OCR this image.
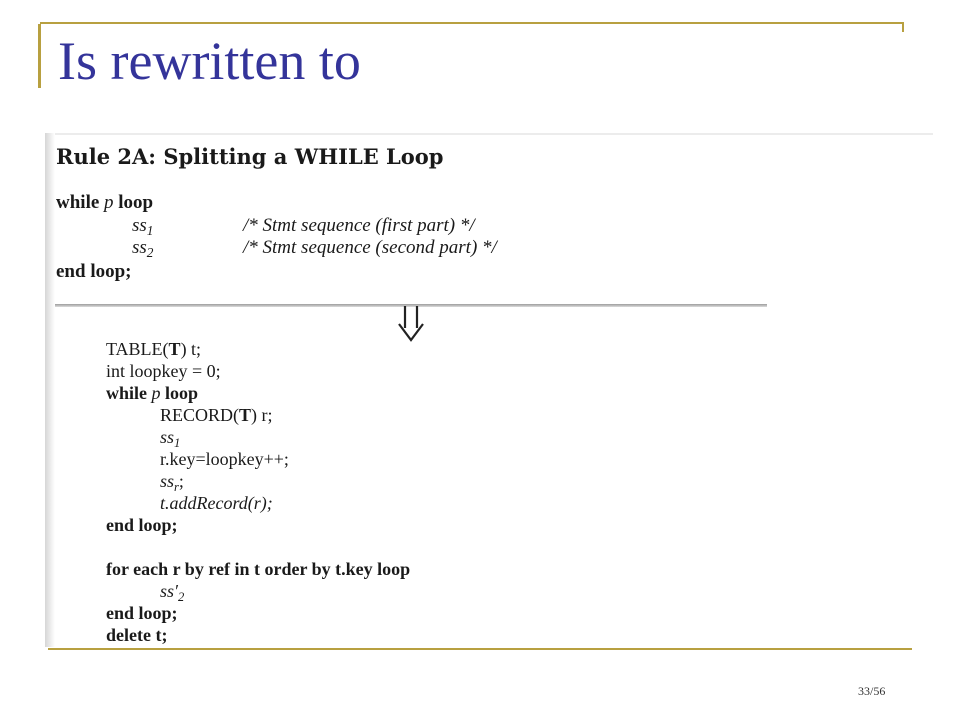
Is rewritten to
Rule 2A: Splitting a WHILE Loop
while p loop
$ss_1$	/* Stmt sequence (first part) */
$ss_2$	/* Stmt sequence (second part) */
end loop;
TABLE(T) t;
int loopkey = 0;
while p loop
RECORD(T) r;
$ss_1$
r.key=loopkey++;
$ss_r$;
t.addRecord(r);
end loop;
for each r by ref in t order by t.key loop
$ss'_2$
end loop;
delete t;
33/56
